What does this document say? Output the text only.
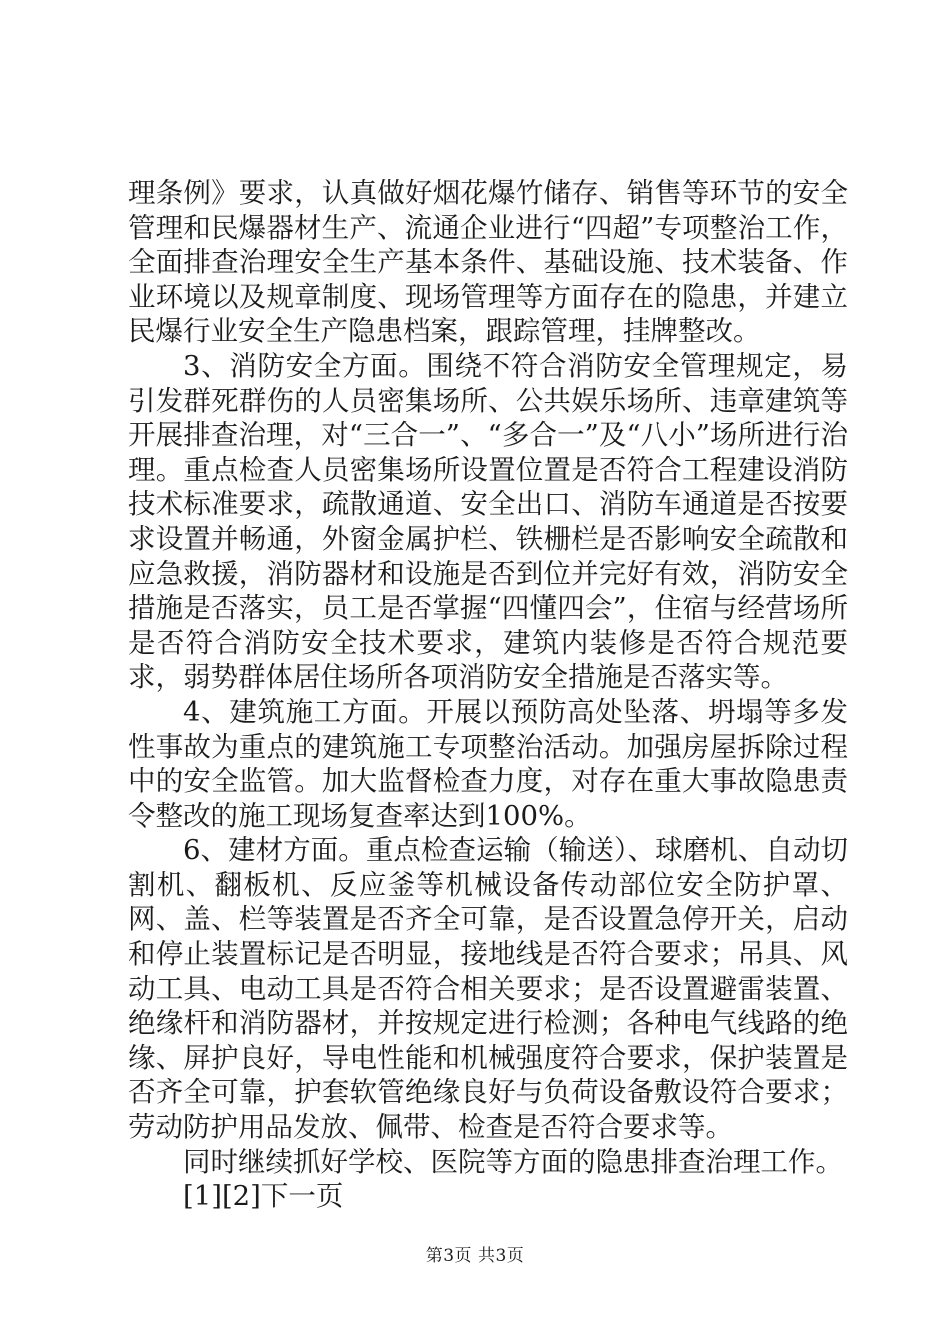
理条例》要求，认真做好烟花爆竹储存、销售等环节的安全管理和民爆器材生产、流通企业进行“四超”专项整治工作，全面排查治理安全生产基本条件、基础设施、技术装备、作业环境以及规章制度、现场管理等方面存在的隐患，并建立民爆行业安全生产隐患档案，跟踪管理，挂牌整改。

3、消防安全方面。围绕不符合消防安全管理规定，易引发群死群伤的人员密集场所、公共娱乐场所、违章建筑等开展排查治理，对“三合一”、“多合一”及“八小”场所进行治理。重点检查人员密集场所设置位置是否符合工程建设消防技术标准要求，疏散通道、安全出口、消防车通道是否按要求设置并畅通，外窗金属护栏、铁栅栏是否影响安全疏散和应急救援，消防器材和设施是否到位并完好有效，消防安全措施是否落实，员工是否掌握“四懂四会”，住宿与经营场所是否符合消防安全技术要求，建筑内装修是否符合规范要求，弱势群体居住场所各项消防安全措施是否落实等。

4、建筑施工方面。开展以预防高处坠落、坍塌等多发性事故为重点的建筑施工专项整治活动。加强房屋拆除过程中的安全监管。加大监督检查力度，对存在重大事故隐患责令整改的施工现场复查率达到100%。

6、建材方面。重点检查运输（输送）、球磨机、自动切割机、翻板机、反应釜等机械设备传动部位安全防护罩、网、盖、栏等装置是否齐全可靠，是否设置急停开关，启动和停止装置标记是否明显，接地线是否符合要求；吊具、风动工具、电动工具是否符合相关要求；是否设置避雷装置、绝缘杆和消防器材，并按规定进行检测；各种电气线路的绝缘、屏护良好，导电性能和机械强度符合要求，保护装置是否齐全可靠，护套软管绝缘良好与负荷设备敷设符合要求；劳动防护用品发放、佩带、检查是否符合要求等。

同时继续抓好学校、医院等方面的隐患排查治理工作。

[1][2]下一页

第3页 共3页
